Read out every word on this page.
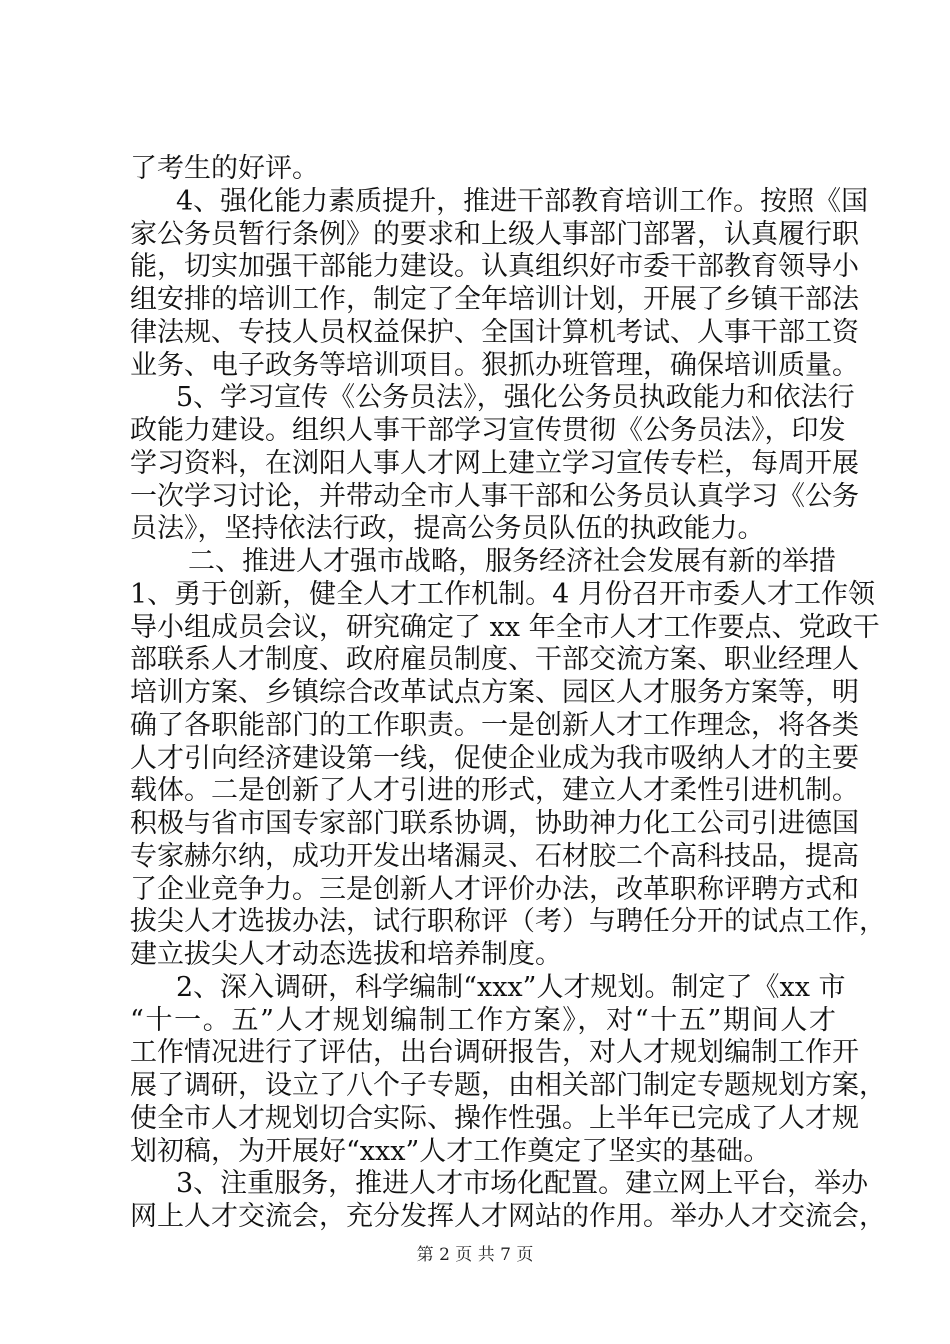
了考生的好评。
4、强化能力素质提升，推进干部教育培训工作。按照《国
家公务员暂行条例》的要求和上级人事部门部署，认真履行职
能，切实加强干部能力建设。认真组织好市委干部教育领导小
组安排的培训工作，制定了全年培训计划，开展了乡镇干部法
律法规、专技人员权益保护、全国计算机考试、人事干部工资
业务、电子政务等培训项目。狠抓办班管理，确保培训质量。
5、学习宣传《公务员法》，强化公务员执政能力和依法行
政能力建设。组织人事干部学习宣传贯彻《公务员法》，印发
学习资料，在浏阳人事人才网上建立学习宣传专栏，每周开展
一次学习讨论，并带动全市人事干部和公务员认真学习《公务
员法》，坚持依法行政，提高公务员队伍的执政能力。
二、推进人才强市战略，服务经济社会发展有新的举措
1、勇于创新，健全人才工作机制。4 月份召开市委人才工作领
导小组成员会议，研究确定了 xx 年全市人才工作要点、党政干
部联系人才制度、政府雇员制度、干部交流方案、职业经理人
培训方案、乡镇综合改革试点方案、园区人才服务方案等，明
确了各职能部门的工作职责。一是创新人才工作理念，将各类
人才引向经济建设第一线，促使企业成为我市吸纳人才的主要
载体。二是创新了人才引进的形式，建立人才柔性引进机制。
积极与省市国专家部门联系协调，协助神力化工公司引进德国
专家赫尔纳，成功开发出堵漏灵、石材胶二个高科技品，提高
了企业竞争力。三是创新人才评价办法，改革职称评聘方式和
拔尖人才选拔办法，试行职称评（考）与聘任分开的试点工作，
建立拔尖人才动态选拔和培养制度。
2、深入调研，科学编制“xxx”人才规划。制定了《xx 市
“十一。五”人才规划编制工作方案》，对“十五”期间人才
工作情况进行了评估，出台调研报告，对人才规划编制工作开
展了调研，设立了八个子专题，由相关部门制定专题规划方案，
使全市人才规划切合实际、操作性强。上半年已完成了人才规
划初稿，为开展好“xxx”人才工作奠定了坚实的基础。
3、注重服务，推进人才市场化配置。建立网上平台，举办
网上人才交流会，充分发挥人才网站的作用。举办人才交流会，
第 2 页 共 7 页
